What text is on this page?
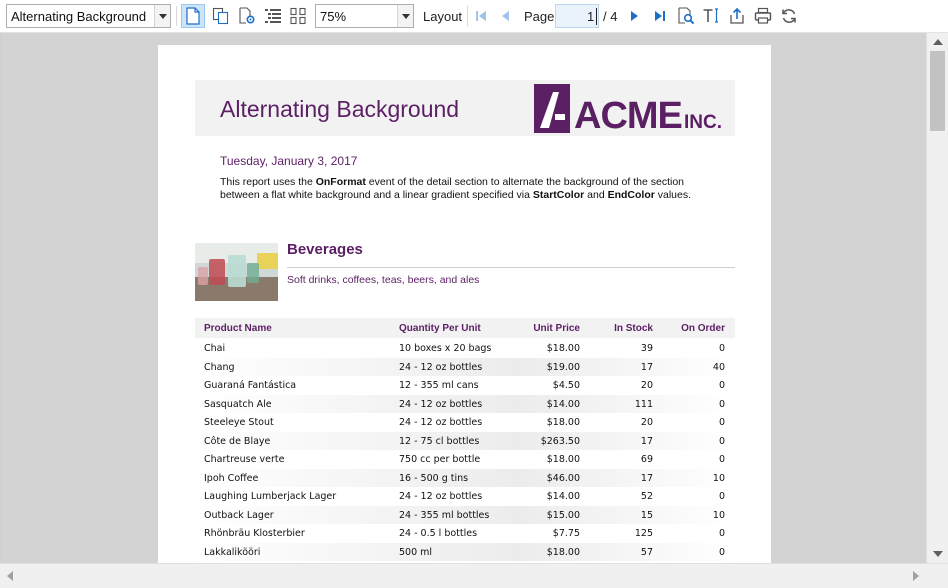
Alternating Background	75%	Layout	Page	1 / 4
Alternating Background	ACME INC.
Tuesday, January 3, 2017
This report uses the OnFormat event of the detail section to alternate the background of the section between a flat white background and a linear gradient specified via StartColor and EndColor values.
Beverages
Soft drinks, coffees, teas, beers, and ales
Product Name	Quantity Per Unit	Unit Price	In Stock	On Order
Chai	10 boxes x 20 bags	$18.00	39	0
Chang	24 - 12 oz bottles	$19.00	17	40
Guaraná Fantástica	12 - 355 ml cans	$4.50	20	0
Sasquatch Ale	24 - 12 oz bottles	$14.00	111	0
Steeleye Stout	24 - 12 oz bottles	$18.00	20	0
Côte de Blaye	12 - 75 cl bottles	$263.50	17	0
Chartreuse verte	750 cc per bottle	$18.00	69	0
Ipoh Coffee	16 - 500 g tins	$46.00	17	10
Laughing Lumberjack Lager	24 - 12 oz bottles	$14.00	52	0
Outback Lager	24 - 355 ml bottles	$15.00	15	10
Rhönbräu Klosterbier	24 - 0.5 l bottles	$7.75	125	0
Lakkalikööri	500 ml	$18.00	57	0
